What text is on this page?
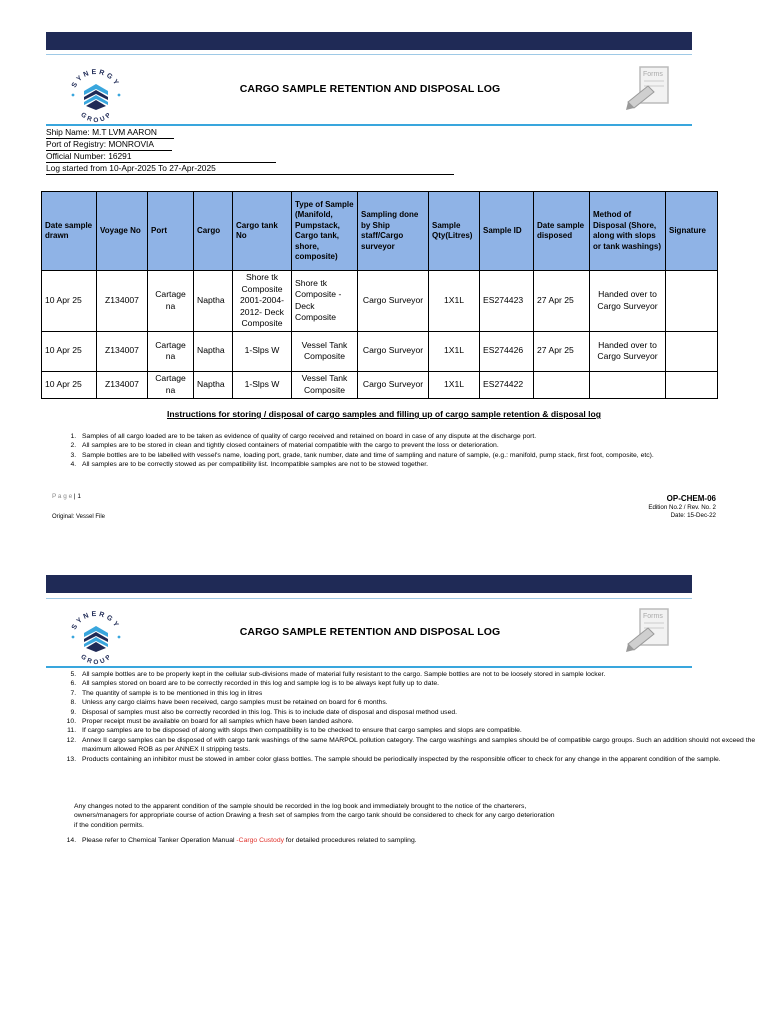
SYNERGY
GROUP
CARGO SAMPLE RETENTION AND DISPOSAL LOG
Forms
Ship Name: M.T LVM AARON
Port of Registry: MONROVIA
Official Number: 16291
Log started from 10-Apr-2025 To 27-Apr-2025
Date sample drawn	Voyage No	Port	Cargo	Cargo tank No	Type of Sample (Manifold, Pumpstack, Cargo tank, shore, composite)	Sampling done by Ship staff/Cargo surveyor	Sample Qty(Litres)	Sample ID	Date sample disposed	Method of Disposal (Shore, along with slops or tank washings)	Signature
10 Apr 25	Z134007	Cartage na	Naptha	Shore tk Composite 2001-2004-2012- Deck Composite	Shore tk Composite - Deck Composite	Cargo Surveyor	1X1L	ES274423	27 Apr 25	Handed over to Cargo Surveyor	
10 Apr 25	Z134007	Cartage na	Naptha	1-Slps W	Vessel Tank Composite	Cargo Surveyor	1X1L	ES274426	27 Apr 25	Handed over to Cargo Surveyor	
10 Apr 25	Z134007	Cartage na	Naptha	1-Slps W	Vessel Tank Composite	Cargo Surveyor	1X1L	ES274422			
Instructions for storing / disposal of cargo samples and filling up of cargo sample retention & disposal log
1. Samples of all cargo loaded are to be taken as evidence of quality of cargo received and retained on board in case of any dispute at the discharge port.
2. All samples are to be stored in clean and tightly closed containers of material compatible with the cargo to prevent the loss or deterioration.
3. Sample bottles are to be labelled with vessel's name, loading port, grade, tank number, date and time of sampling and nature of sample, (e.g.: manifold, pump stack, first foot, composite, etc).
4. All samples are to be correctly stowed as per compatibility list. Incompatible samples are not to be stowed together.
P a g e | 1
Original: Vessel File
OP-CHEM-06
Edition No.2 / Rev. No. 2
Date: 15-Dec-22
SYNERGY
GROUP
CARGO SAMPLE RETENTION AND DISPOSAL LOG
Forms
5. All sample bottles are to be properly kept in the cellular sub-divisions made of material fully resistant to the cargo. Sample bottles are not to be loosely stored in sample locker.
6. All samples stored on board are to be correctly recorded in this log and sample log is to be always kept fully up to date.
7. The quantity of sample is to be mentioned in this log in litres
8. Unless any cargo claims have been received, cargo samples must be retained on board for 6 months.
9. Disposal of samples must also be correctly recorded in this log. This is to include date of disposal and disposal method used.
10. Proper receipt must be available on board for all samples which have been landed ashore.
11. If cargo samples are to be disposed of along with slops then compatibility is to be checked to ensure that cargo samples and slops are compatible.
12. Annex II cargo samples can be disposed of with cargo tank washings of the same MARPOL pollution category. The cargo washings and samples should be of compatible cargo groups. Such an addition should not exceed the maximum allowed ROB as per ANNEX II stripping tests.
13. Products containing an inhibitor must be stowed in amber color glass bottles. The sample should be periodically inspected by the responsible officer to check for any change in the apparent condition of the sample.
Any changes noted to the apparent condition of the sample should be recorded in the log book and immediately brought to the notice of the charterers,
owners/managers for appropriate course of action Drawing a fresh set of samples from the cargo tank should be considered to check for any cargo deterioration
if the condition permits.
14. Please refer to Chemical Tanker Operation Manual -Cargo Custody for detailed procedures related to sampling.
